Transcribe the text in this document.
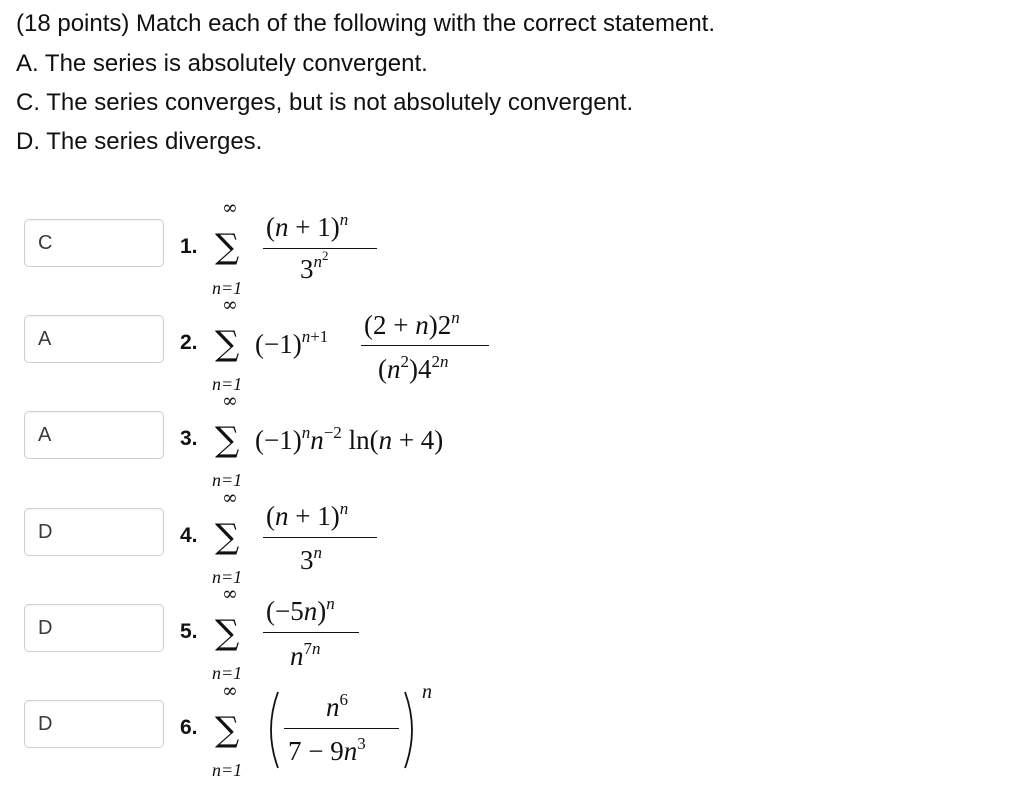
(18 points) Match each of the following with the correct statement.
A. The series is absolutely convergent.
C. The series converges, but is not absolutely convergent.
D. The series diverges.
C
A
A
D
D
D
1.
2.
3.
4.
5.
6.
∞
∑
n=1
$(n + 1)^n$
$3^{n^2}$
∞
∑
n=1
$(-1)^{n+1}$ $(2 + n)2^n$
$(n^2)4^{2n}$
∞
∑
n=1
$(-1)^nn^{-2}$ ln(n + 4)
∞
∑
n=1
$(n + 1)^n$
3$^n$
∞
∑
n=1
$(-5n)^n$
$n^{7n}$
∞
∑
n=1
$n^6$
$7 - 9n^3$
n
